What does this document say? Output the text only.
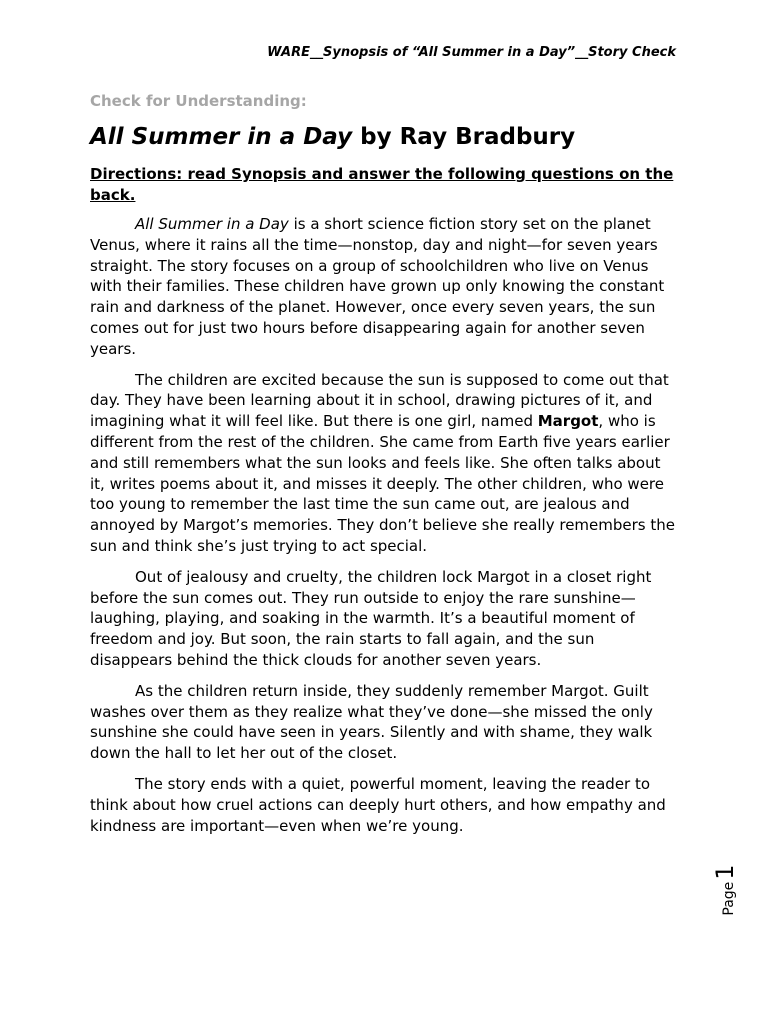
WARE__Synopsis of “All Summer in a Day”__Story Check
Check for Understanding:
All Summer in a Day by Ray Bradbury
Directions: read Synopsis and answer the following questions on the back.

All Summer in a Day is a short science fiction story set on the planet Venus, where it rains all the time—nonstop, day and night—for seven years straight. The story focuses on a group of schoolchildren who live on Venus with their families. These children have grown up only knowing the constant rain and darkness of the planet. However, once every seven years, the sun comes out for just two hours before disappearing again for another seven years.

The children are excited because the sun is supposed to come out that day. They have been learning about it in school, drawing pictures of it, and imagining what it will feel like. But there is one girl, named Margot, who is different from the rest of the children. She came from Earth five years earlier and still remembers what the sun looks and feels like. She often talks about it, writes poems about it, and misses it deeply. The other children, who were too young to remember the last time the sun came out, are jealous and annoyed by Margot’s memories. They don’t believe she really remembers the sun and think she’s just trying to act special.

Out of jealousy and cruelty, the children lock Margot in a closet right before the sun comes out. They run outside to enjoy the rare sunshine—laughing, playing, and soaking in the warmth. It’s a beautiful moment of freedom and joy. But soon, the rain starts to fall again, and the sun disappears behind the thick clouds for another seven years.

As the children return inside, they suddenly remember Margot. Guilt washes over them as they realize what they’ve done—she missed the only sunshine she could have seen in years. Silently and with shame, they walk down the hall to let her out of the closet.

The story ends with a quiet, powerful moment, leaving the reader to think about how cruel actions can deeply hurt others, and how empathy and kindness are important—even when we’re young.

Page
1
